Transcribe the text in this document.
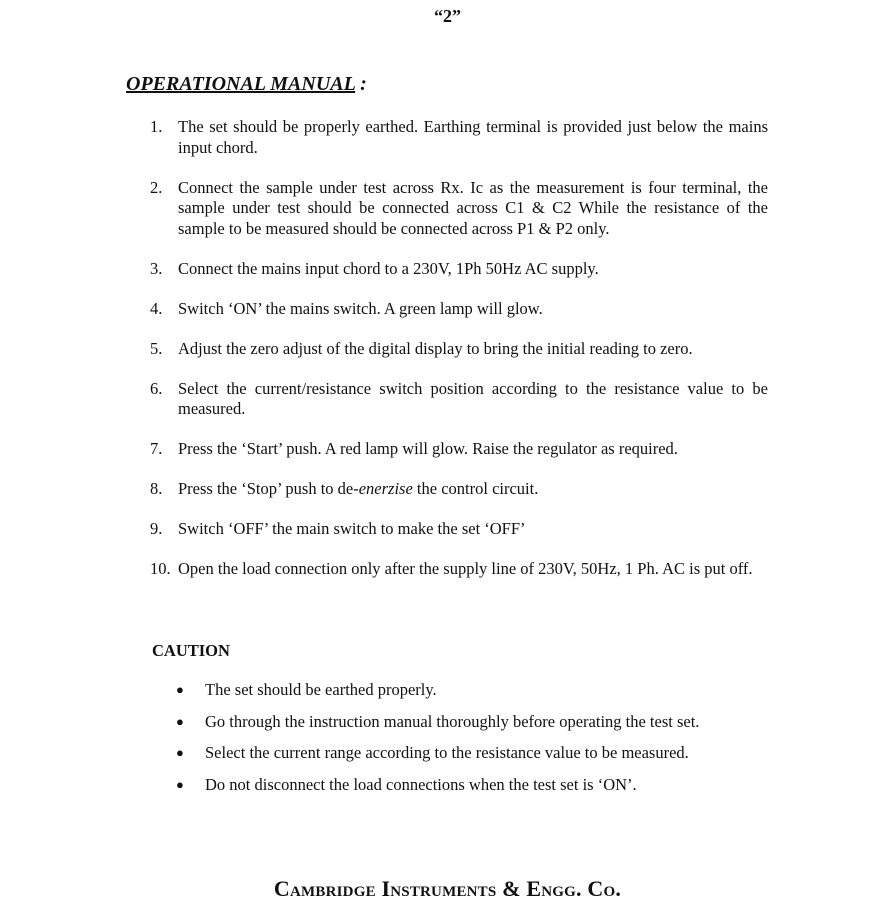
“2”
OPERATIONAL MANUAL :
1. The set should be properly earthed. Earthing terminal is provided just below the mains input chord.
2. Connect the sample under test across Rx. Ic as the measurement is four terminal, the sample under test should be connected across C1 & C2 While the resistance of the sample to be measured should be connected across P1 & P2 only.
3. Connect the mains input chord to a 230V, 1Ph 50Hz AC supply.
4. Switch ‘ON’ the mains switch. A green lamp will glow.
5. Adjust the zero adjust of the digital display to bring the initial reading to zero.
6. Select the current/resistance switch position according to the resistance value to be measured.
7. Press the ‘Start’ push. A red lamp will glow. Raise the regulator as required.
8. Press the ‘Stop’ push to de-enerzise the control circuit.
9. Switch ‘OFF’ the main switch to make the set ‘OFF’
10. Open the load connection only after the supply line of 230V, 50Hz, 1 Ph. AC is put off.
CAUTION
●	The set should be earthed properly.
●	Go through the instruction manual thoroughly before operating the test set.
●	Select the current range according to the resistance value to be measured.
●	Do not disconnect the load connections when the test set is ‘ON’.
Cambridge Instruments & Engg. Co.
